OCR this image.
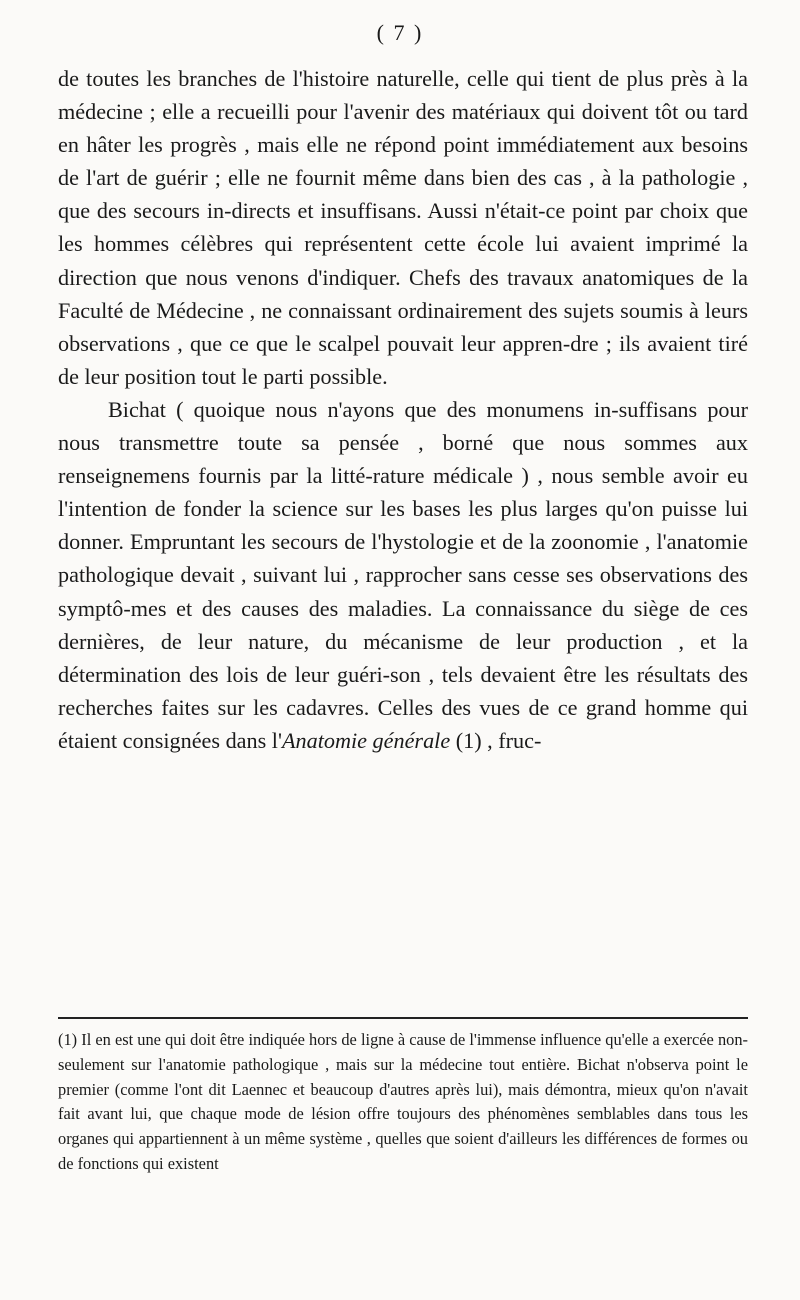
( 7 )

de toutes les branches de l'histoire naturelle, celle qui tient de plus près à la médecine ; elle a recueilli pour l'avenir des matériaux qui doivent tôt ou tard en hâter les progrès , mais elle ne répond point immédiatement aux besoins de l'art de guérir ; elle ne fournit même dans bien des cas , à la pathologie , que des secours in-directs et insuffisans. Aussi n'était-ce point par choix que les hommes célèbres qui représentent cette école lui avaient imprimé la direction que nous venons d'indiquer. Chefs des travaux anatomiques de la Faculté de Médecine , ne connaissant ordinairement des sujets soumis à leurs observations , que ce que le scalpel pouvait leur appren-dre ; ils avaient tiré de leur position tout le parti possible.

Bichat ( quoique nous n'ayons que des monumens in-suffisans pour nous transmettre toute sa pensée , borné que nous sommes aux renseignemens fournis par la litté-rature médicale ) , nous semble avoir eu l'intention de fonder la science sur les bases les plus larges qu'on puisse lui donner. Empruntant les secours de l'hystologie et de la zoonomie , l'anatomie pathologique devait , suivant lui , rapprocher sans cesse ses observations des symptô-mes et des causes des maladies. La connaissance du siège de ces dernières, de leur nature, du mécanisme de leur production , et la détermination des lois de leur guéri-son , tels devaient être les résultats des recherches faites sur les cadavres. Celles des vues de ce grand homme qui étaient consignées dans l'Anatomie générale (1) , fruc-

(1) Il en est une qui doit être indiquée hors de ligne à cause de l'immense influence qu'elle a exercée non-seulement sur l'anatomie pathologique , mais sur la médecine tout entière. Bichat n'observa point le premier (comme l'ont dit Laennec et beaucoup d'autres après lui), mais démontra, mieux qu'on n'avait fait avant lui, que chaque mode de lésion offre toujours des phénomènes semblables dans tous les organes qui appartiennent à un même système , quelles que soient d'ailleurs les différences de formes ou de fonctions qui existent
